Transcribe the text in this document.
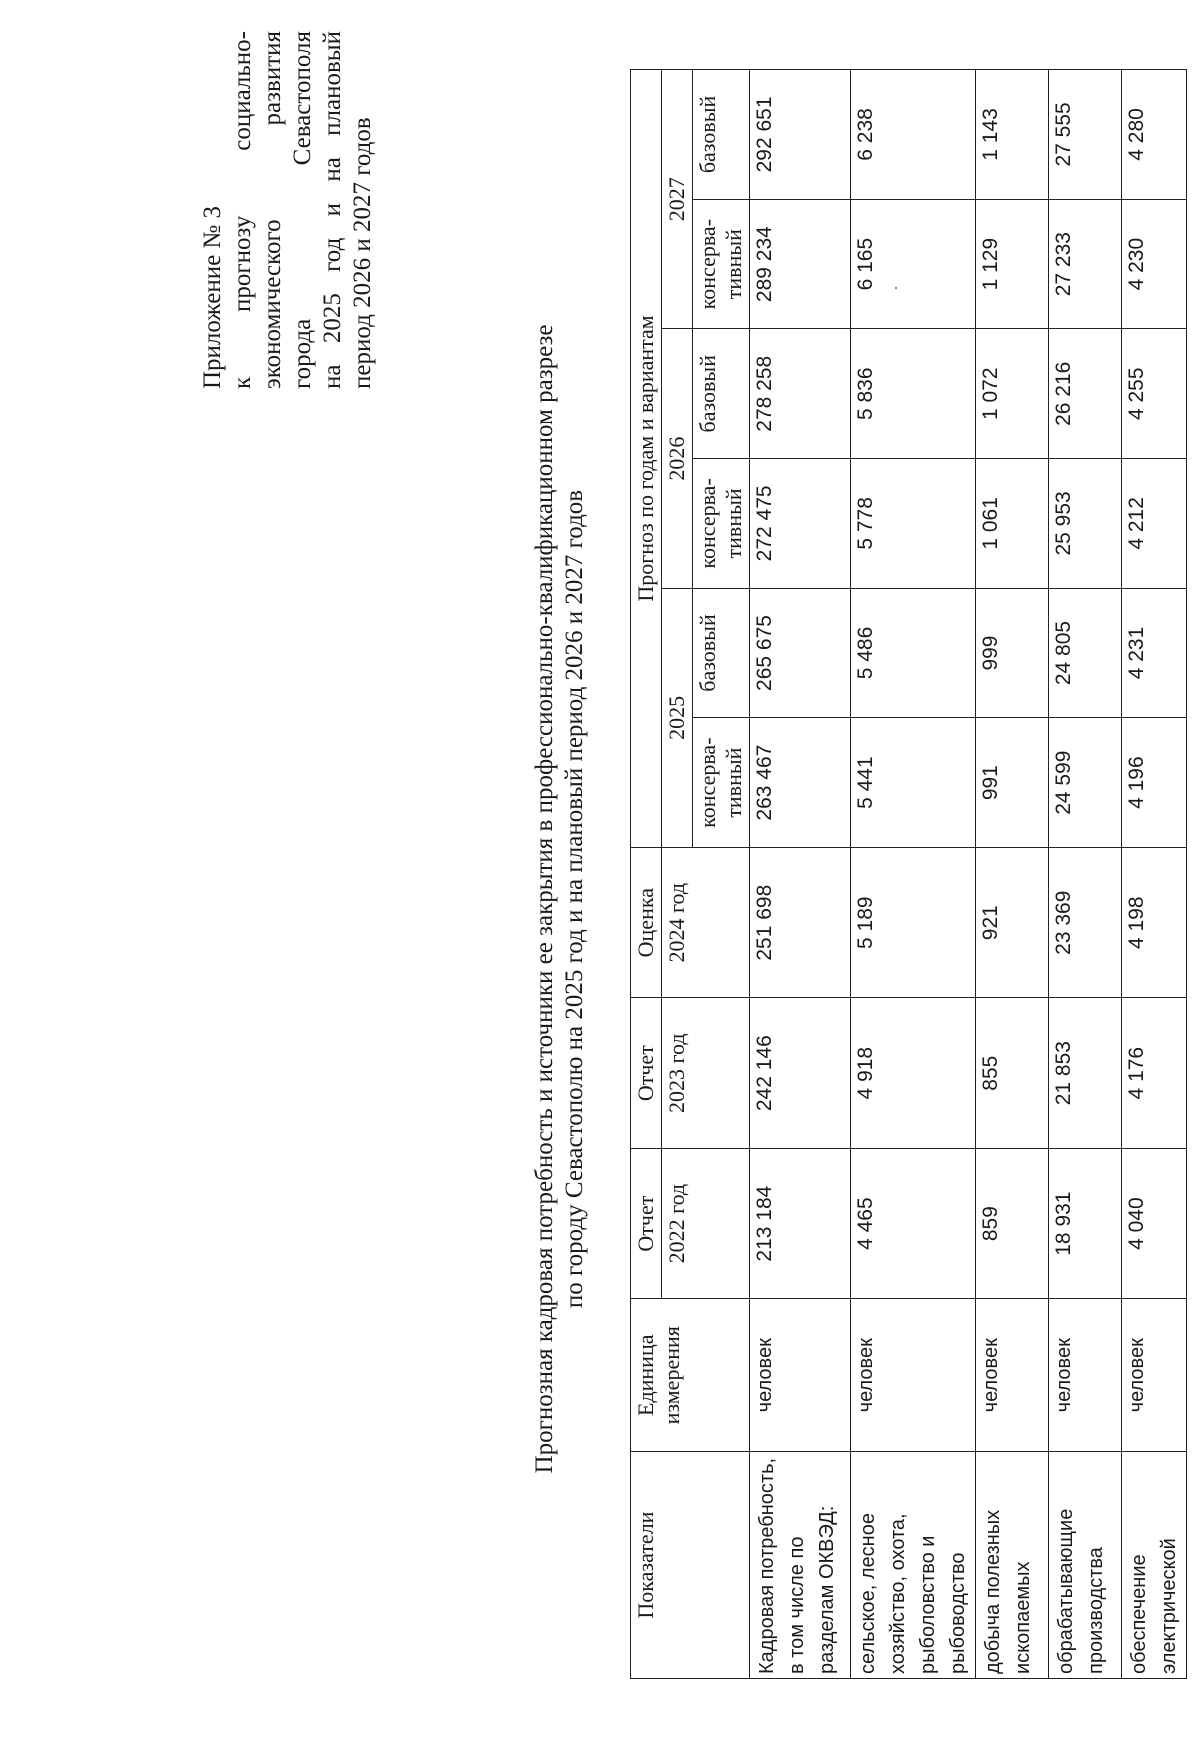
Приложение № 3 к прогнозу социально- экономического развития города Севастополя на 2025 год и на плановый период 2026 и 2027 годов
Прогнозная кадровая потребность и источники ее закрытия в профессионально-квалификационном разрезе по городу Севастополю на 2025 год и на плановый период 2026 и 2027 годов
Показатели	Единица измерения	Отчет	Отчет	Оценка	Прогноз по годам и вариантам					
		2022 год	2023 год	2024 год	2025		2026		2027	
					консерва-тивный	базовый	консерва-тивный	базовый	консерва-тивный	базовый

Кадровая потребность, в том числе по разделам ОКВЭД:	человек	213 184	242 146	251 698	263 467	265 675	272 475	278 258	289 234	292 651
сельское, лесное хозяйство, охота, рыболовство и рыбоводство	человек	4 465	4 918	5 189	5 441	5 486	5 778	5 836	6 165	6 238
добыча полезных ископаемых	человек	859	855	921	991	999	1 061	1 072	1 129	1 143
обрабатывающие производства	человек	18 931	21 853	23 369	24 599	24 805	25 953	26 216	27 233	27 555
обеспечение электрической	человек	4 040	4 176	4 198	4 196	4 231	4 212	4 255	4 230	4 280
